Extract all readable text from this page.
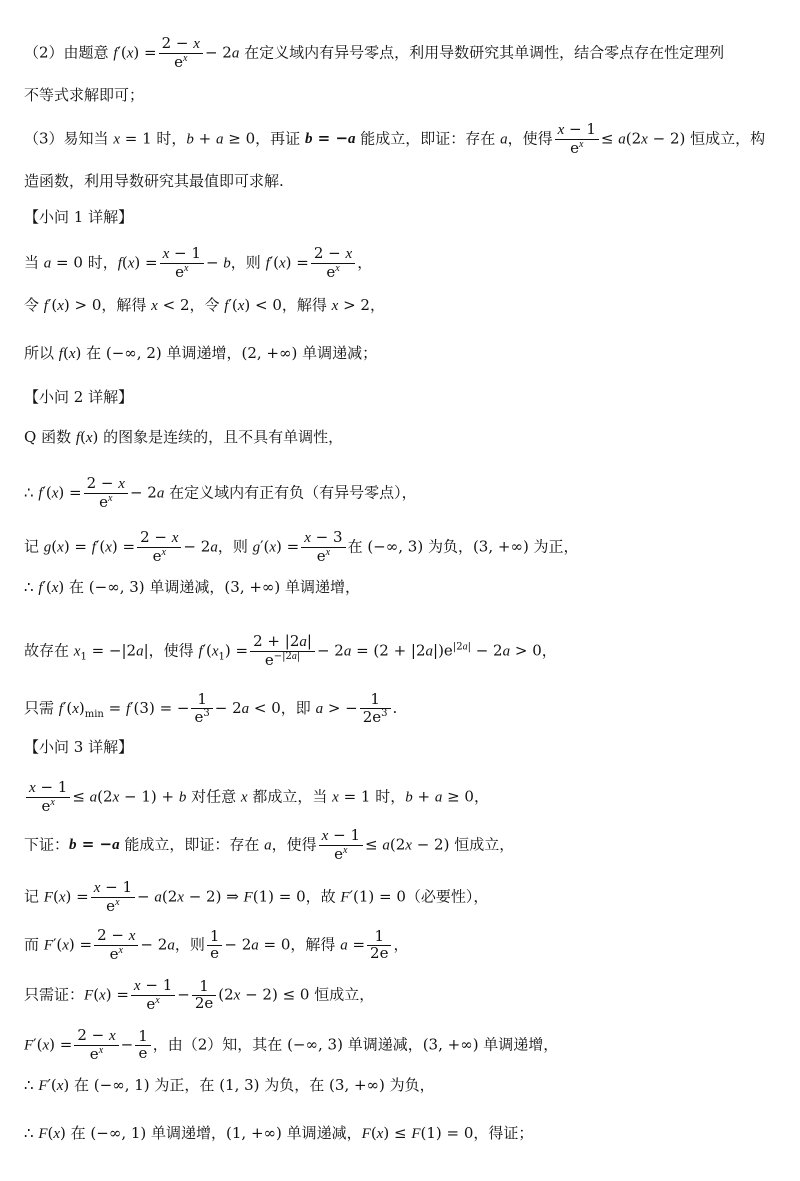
（2）由题意 $f'(x) = \frac{2 - x}{e^x} - 2a$ 在定义域内有异号零点，利用导数研究其单调性，结合零点存在性定理列
不等式求解即可；
（3）易知当 x = 1 时，b + a ≥ 0，再证 b = −a 能成立，即证：存在 a，使得 $\frac{x - 1}{e^x} \le a(2x - 2)$ 恒成立，构
造函数，利用导数研究其最值即可求解.
【小问 1 详解】
当 a = 0 时，$f(x) = \frac{x - 1}{e^x} - b$，则 $f'(x) = \frac{2 - x}{e^x}$ ，
令 f′(x) > 0，解得 x < 2，令 f′(x) < 0，解得 x > 2，
所以 f(x) 在 (−∞, 2) 单调递增，(2, +∞) 单调递减；
【小问 2 详解】
Q 函数 f(x) 的图象是连续的，且不具有单调性，
∴ $f'(x) = \frac{2 - x}{e^x} - 2a$ 在定义域内有正有负（有异号零点），
记 $g(x) = f'(x) = \frac{2 - x}{e^x} - 2a$，则 $g'(x) = \frac{x - 3}{e^x}$ 在 (−∞, 3) 为负，(3, +∞) 为正，
∴ f′(x) 在 (−∞, 3) 单调递减，(3, +∞) 单调递增，
故存在 $x_1 = -|2a|$，使得 $f'(x_1) = \frac{2 + |2a|}{e^{-|2a|}} - 2a = (2 + |2a|)e^{|2a|} - 2a > 0$，
只需 $f'(x)_{min} = f'(3)$ = − $\frac{1}{e^3} - 2a < 0$，即 a > − $\frac{1}{2e^3}$ .
【小问 3 详解】
$\frac{x - 1}{e^x} \le a(2x - 1) + b$ 对任意 x 都成立，当 x = 1 时，b + a ≥ 0，
下证：b = −a 能成立，即证：存在 a，使得 $\frac{x - 1}{e^x} \le a(2x - 2)$ 恒成立，
记 $F(x) = \frac{x - 1}{e^x} - a(2x - 2)$ ⇒ F(1) = 0，故 F′(1) = 0（必要性），
而 $F'(x) = \frac{2 - x}{e^x} - 2a$，则 $\frac{1}{e} - 2a = 0$，解得 $a = \frac{1}{2e}$ ，
只需证：$F(x) = \frac{x - 1}{e^x} - \frac{1}{2e} (2x - 2) \le 0$ 恒成立，
$F'(x) = \frac{2 - x}{e^x} - \frac{1}{e}$ ，由（2）知，其在 (−∞, 3) 单调递减，(3, +∞) 单调递增，
∴ F′(x) 在 (−∞, 1) 为正，在 (1, 3) 为负，在 (3, +∞) 为负，
∴ F(x) 在 (−∞, 1) 单调递增，(1, +∞) 单调递减，F(x) ≤ F(1) = 0，得证；
